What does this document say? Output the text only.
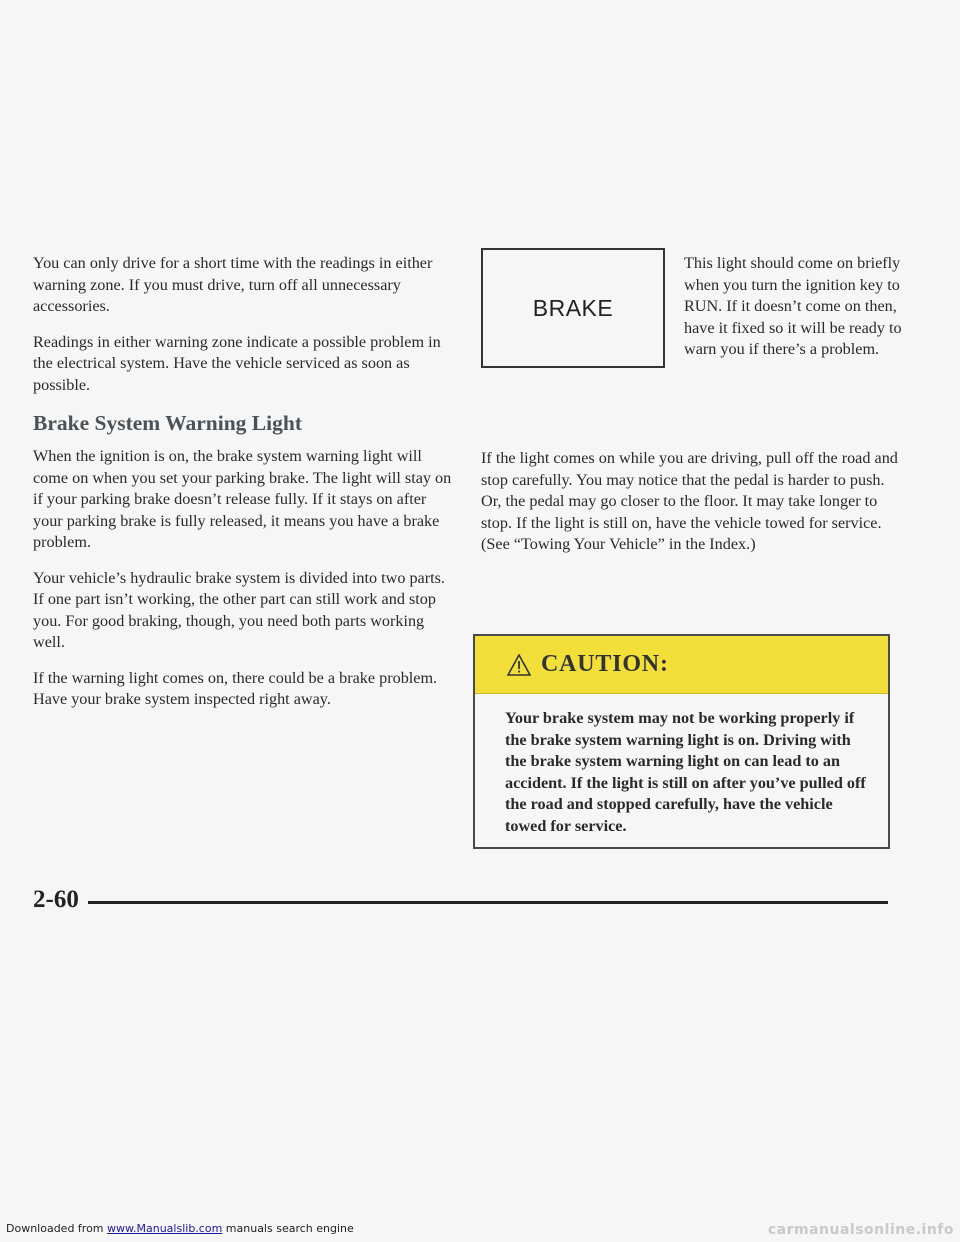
You can only drive for a short time with the readings in either warning zone. If you must drive, turn off all unnecessary accessories.

Readings in either warning zone indicate a possible problem in the electrical system. Have the vehicle serviced as soon as possible.

Brake System Warning Light

When the ignition is on, the brake system warning light will come on when you set your parking brake. The light will stay on if your parking brake doesn’t release fully. If it stays on after your parking brake is fully released, it means you have a brake problem.

Your vehicle’s hydraulic brake system is divided into two parts. If one part isn’t working, the other part can still work and stop you. For good braking, though, you need both parts working well.

If the warning light comes on, there could be a brake problem. Have your brake system inspected right away.

BRAKE

This light should come on briefly when you turn the ignition key to RUN. If it doesn’t come on then, have it fixed so it will be ready to warn you if there’s a problem.

If the light comes on while you are driving, pull off the road and stop carefully. You may notice that the pedal is harder to push. Or, the pedal may go closer to the floor. It may take longer to stop. If the light is still on, have the vehicle towed for service. (See “Towing Your Vehicle” in the Index.)

CAUTION:

Your brake system may not be working properly if the brake system warning light is on. Driving with the brake system warning light on can lead to an accident. If the light is still on after you’ve pulled off the road and stopped carefully, have the vehicle towed for service.

2-60
Downloaded from www.Manualslib.com manuals search engine	carmanualsonline.info
